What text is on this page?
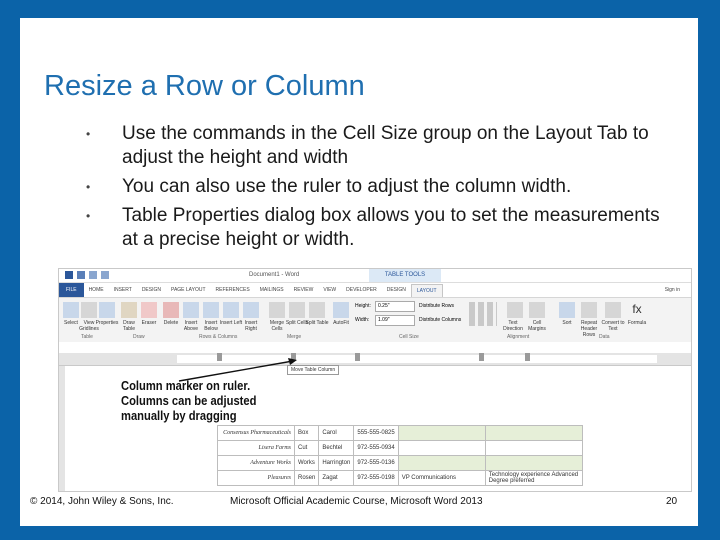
Resize a Row or Column
• Use the commands in the Cell Size group on the Layout Tab to adjust the height and width
• You can also use the ruler to adjust the column width.
• Table Properties dialog box allows you to set the measurements at a precise height or width.
Document1 - Word	TABLE TOOLS
FILE	HOME	INSERT	DESIGN	PAGE LAYOUT	REFERENCES	MAILINGS	REVIEW	VIEW	DEVELOPER	DESIGN	LAYOUT	Sign in
Select	View Gridlines
Properties Draw Table
Eraser	Delete	Insert Above
Insert Below
Insert Left Insert Right
Merge Cells
Split Cells
Split Table AutoFit
Height:	0.25"
Width:	1.09"
Distribute Rows
Distribute Columns	Text Direction
Cell Margins
Sort	Repeat Header Rows
Convert to Text
fx
Formula
Table	Draw	Rows & Columns	Merge	Cell Size	Alignment	Data
Move Table Column
Column marker on ruler.
Columns can be adjusted
manually by dragging
Consensus Pharmaceuticals	Box	Carol	555-555-0825		
Lisera Farms	Cut	Bechtel	972-555-0934		
Adventure Works	Works	Harrington	972-555-0136		
Pleasures	Rosen	Zagat	972-555-0198	VP Communications	Technology experience Advanced Degree preferred
© 2014, John Wiley & Sons, Inc.	Microsoft Official Academic Course, Microsoft Word 2013	20
